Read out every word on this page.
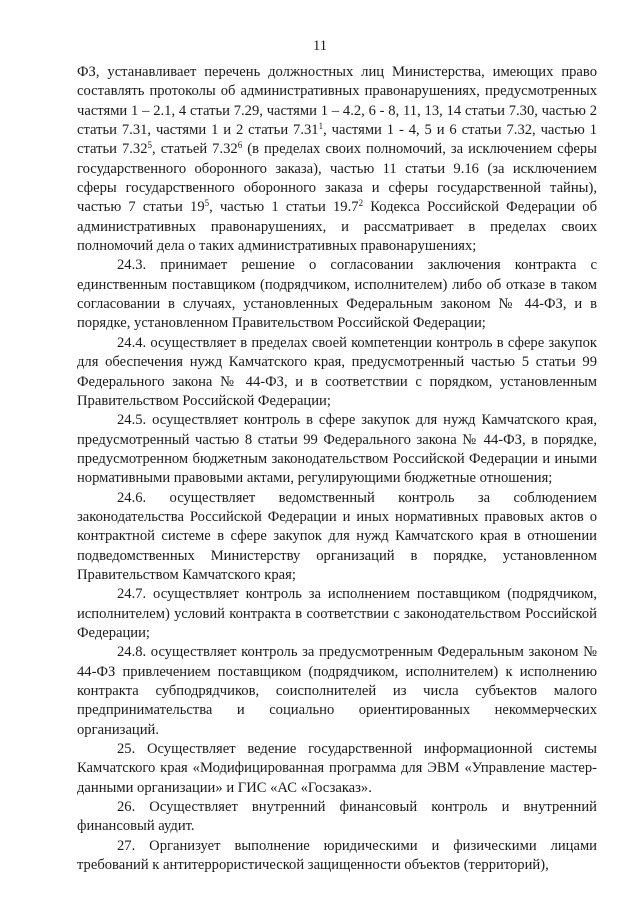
11

ФЗ, устанавливает перечень должностных лиц Министерства, имеющих право составлять протоколы об административных правонарушениях, предусмотренных частями 1 – 2.1, 4 статьи 7.29, частями 1 – 4.2, 6 - 8, 11, 13, 14 статьи 7.30, частью 2 статьи 7.31, частями 1 и 2 статьи 7.31$^1$, частями 1 - 4, 5 и 6 статьи 7.32, частью 1 статьи 7.32$^5$, статьей 7.32$^6$ (в пределах своих полномочий, за исключением сферы государственного оборонного заказа), частью 11 статьи 9.16 (за исключением сферы государственного оборонного заказа и сферы государственной тайны), частью 7 статьи $19^5$, частью 1 статьи 19.7$^2$ Кодекса Российской Федерации об административных правонарушениях, и рассматривает в пределах своих полномочий дела о таких административных правонарушениях;

24.3. принимает решение о согласовании заключения контракта с единственным поставщиком (подрядчиком, исполнителем) либо об отказе в таком согласовании в случаях, установленных Федеральным законом № 44-ФЗ, и в порядке, установленном Правительством Российской Федерации;

24.4. осуществляет в пределах своей компетенции контроль в сфере закупок для обеспечения нужд Камчатского края, предусмотренный частью 5 статьи 99 Федерального закона № 44-ФЗ, и в соответствии с порядком, установленным Правительством Российской Федерации;

24.5. осуществляет контроль в сфере закупок для нужд Камчатского края, предусмотренный частью 8 статьи 99 Федерального закона № 44-ФЗ, в порядке, предусмотренном бюджетным законодательством Российской Федерации и иными нормативными правовыми актами, регулирующими бюджетные отношения;

24.6. осуществляет ведомственный контроль за соблюдением законодательства Российской Федерации и иных нормативных правовых актов о контрактной системе в сфере закупок для нужд Камчатского края в отношении подведомственных Министерству организаций в порядке, установленном Правительством Камчатского края;

24.7. осуществляет контроль за исполнением поставщиком (подрядчиком, исполнителем) условий контракта в соответствии с законодательством Российской Федерации;

24.8. осуществляет контроль за предусмотренным Федеральным законом № 44-ФЗ привлечением поставщиком (подрядчиком, исполнителем) к исполнению контракта субподрядчиков, соисполнителей из числа субъектов малого предпринимательства и социально ориентированных некоммерческих организаций.

25. Осуществляет ведение государственной информационной системы Камчатского края «Модифицированная программа для ЭВМ «Управление мастер-данными организации» и ГИС «АС «Госзаказ».

26. Осуществляет внутренний финансовый контроль и внутренний финансовый аудит.

27. Организует выполнение юридическими и физическими лицами требований к антитеррористической защищенности объектов (территорий),
